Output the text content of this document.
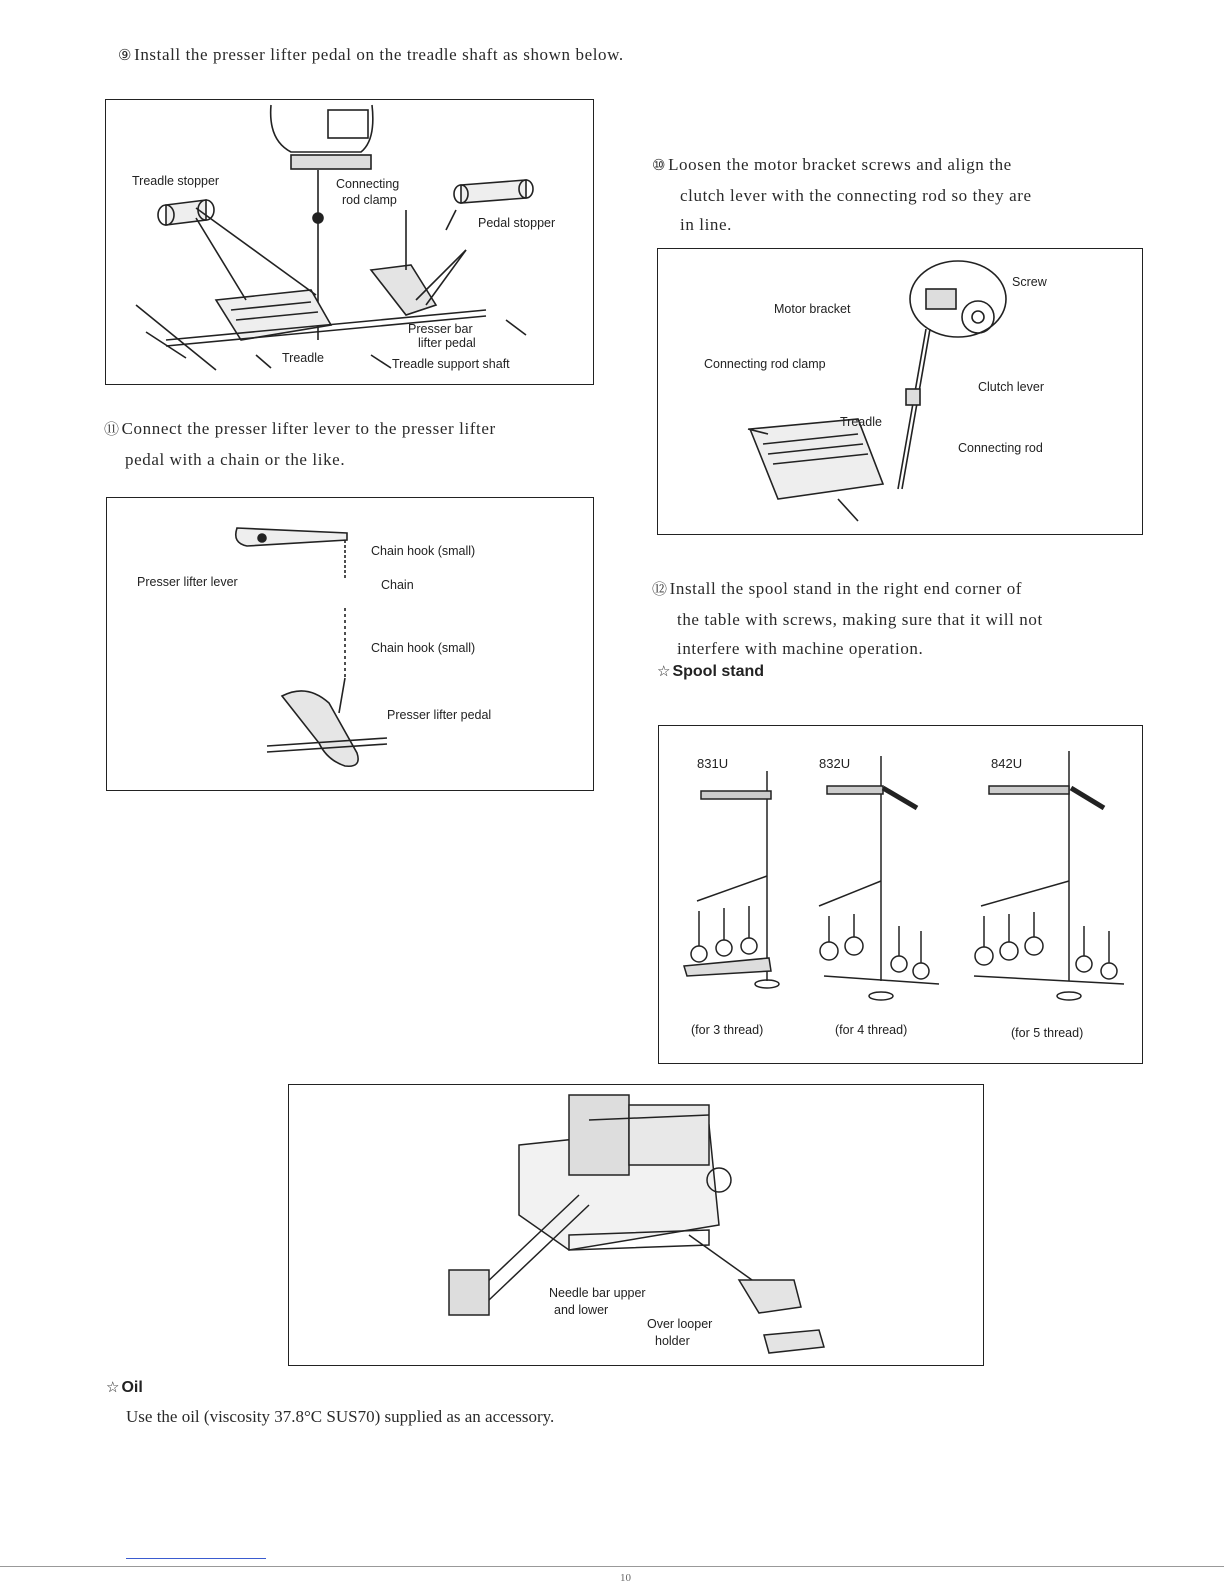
⑨ Install the presser lifter pedal on the treadle shaft as shown below.
Treadle stopper	Connecting
rod clamp
Pedal stopper
Presser bar
lifter pedal
Treadle	Treadle support shaft
⑪ Connect the presser lifter lever to the presser lifter
pedal with a chain or the like.
Chain hook (small)
Presser lifter lever	Chain
Chain hook (small)
Presser lifter pedal
⑩ Loosen the motor bracket screws and align the
clutch lever with the connecting rod so they are
in line.
Screw
Motor bracket
Connecting rod clamp
Clutch lever
Treadle
Connecting rod
⑫ Install the spool stand in the right end corner of
the table with screws, making sure that it will not
interfere with machine operation.
☆ Spool stand
831U	832U	842U
(for 3 thread)	(for 4 thread)	(for 5 thread)
Needle bar upper
and lower
Over looper
holder
☆ Oil
Use the oil (viscosity 37.8°C SUS70) supplied as an accessory.
10
